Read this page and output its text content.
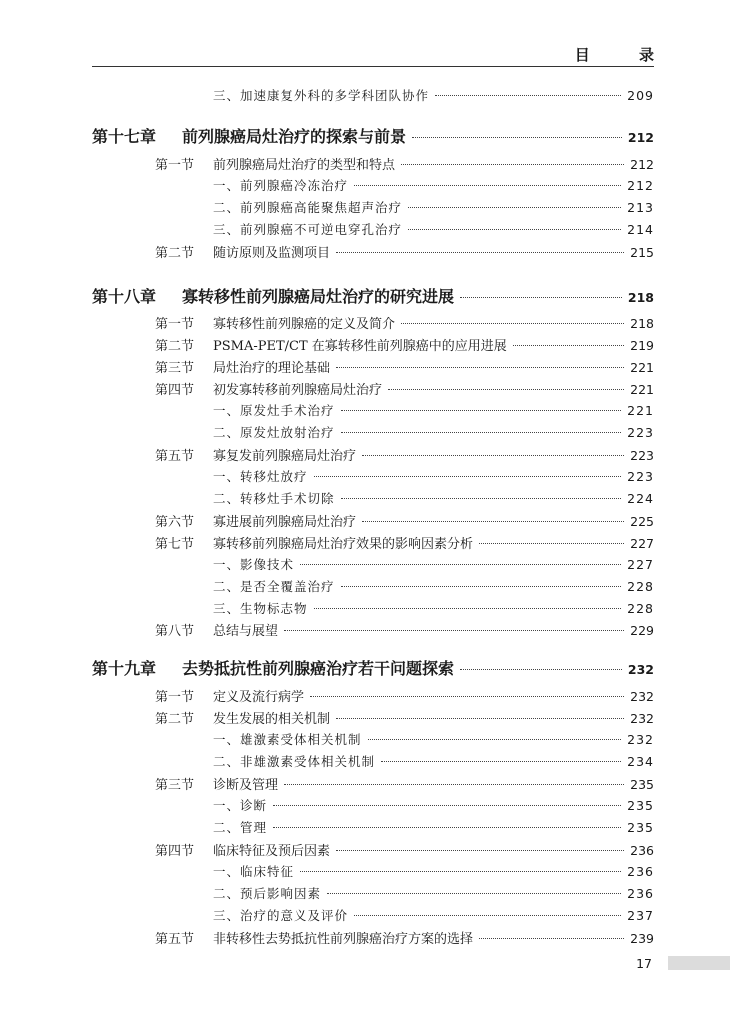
目 录
三、加速康复外科的多学科团队协作	209
第十七章	前列腺癌局灶治疗的探索与前景	212
第一节	前列腺癌局灶治疗的类型和特点	212
一、前列腺癌冷冻治疗	212
二、前列腺癌高能聚焦超声治疗	213
三、前列腺癌不可逆电穿孔治疗	214
第二节	随访原则及监测项目	215
第十八章	寡转移性前列腺癌局灶治疗的研究进展	218
第一节	寡转移性前列腺癌的定义及简介	218
第二节	PSMA-PET/CT 在寡转移性前列腺癌中的应用进展	219
第三节	局灶治疗的理论基础	221
第四节	初发寡转移前列腺癌局灶治疗	221
一、原发灶手术治疗	221
二、原发灶放射治疗	223
第五节	寡复发前列腺癌局灶治疗	223
一、转移灶放疗	223
二、转移灶手术切除	224
第六节	寡进展前列腺癌局灶治疗	225
第七节	寡转移前列腺癌局灶治疗效果的影响因素分析	227
一、影像技术	227
二、是否全覆盖治疗	228
三、生物标志物	228
第八节	总结与展望	229
第十九章	去势抵抗性前列腺癌治疗若干问题探索	232
第一节	定义及流行病学	232
第二节	发生发展的相关机制	232
一、雄激素受体相关机制	232
二、非雄激素受体相关机制	234
第三节	诊断及管理	235
一、诊断	235
二、管理	235
第四节	临床特征及预后因素	236
一、临床特征	236
二、预后影响因素	236
三、治疗的意义及评价	237
第五节	非转移性去势抵抗性前列腺癌治疗方案的选择	239
17
